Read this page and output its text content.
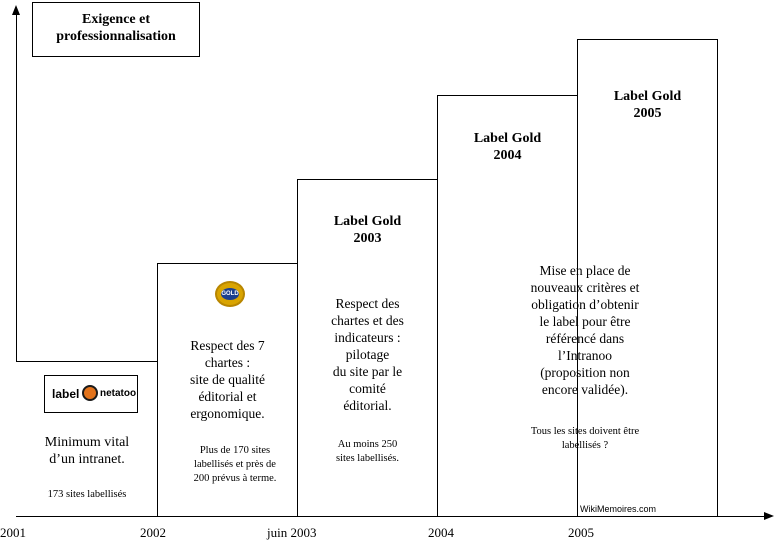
Exigence et
professionnalisation
label netatoo
Minimum vital
d’un intranet.
173 sites labellisés
GOLD
Respect des 7
chartes :
site de qualité
éditorial et
ergonomique.
Plus de 170 sites
labellisés et près de
200 prévus à terme.
Label Gold
2003
Respect des
chartes et des
indicateurs :
pilotage
du site par le
comité
éditorial.
Au moins 250
sites labellisés.
Label Gold
2004
Label Gold
2005
Mise en place de
nouveaux critères et
obligation d’obtenir
le label pour être
référencé dans
l’Intranoo
(proposition non
encore validée).
Tous les sites doivent être
labellisés ?
WikiMemoires.com
2001	2002	juin 2003	2004	2005
